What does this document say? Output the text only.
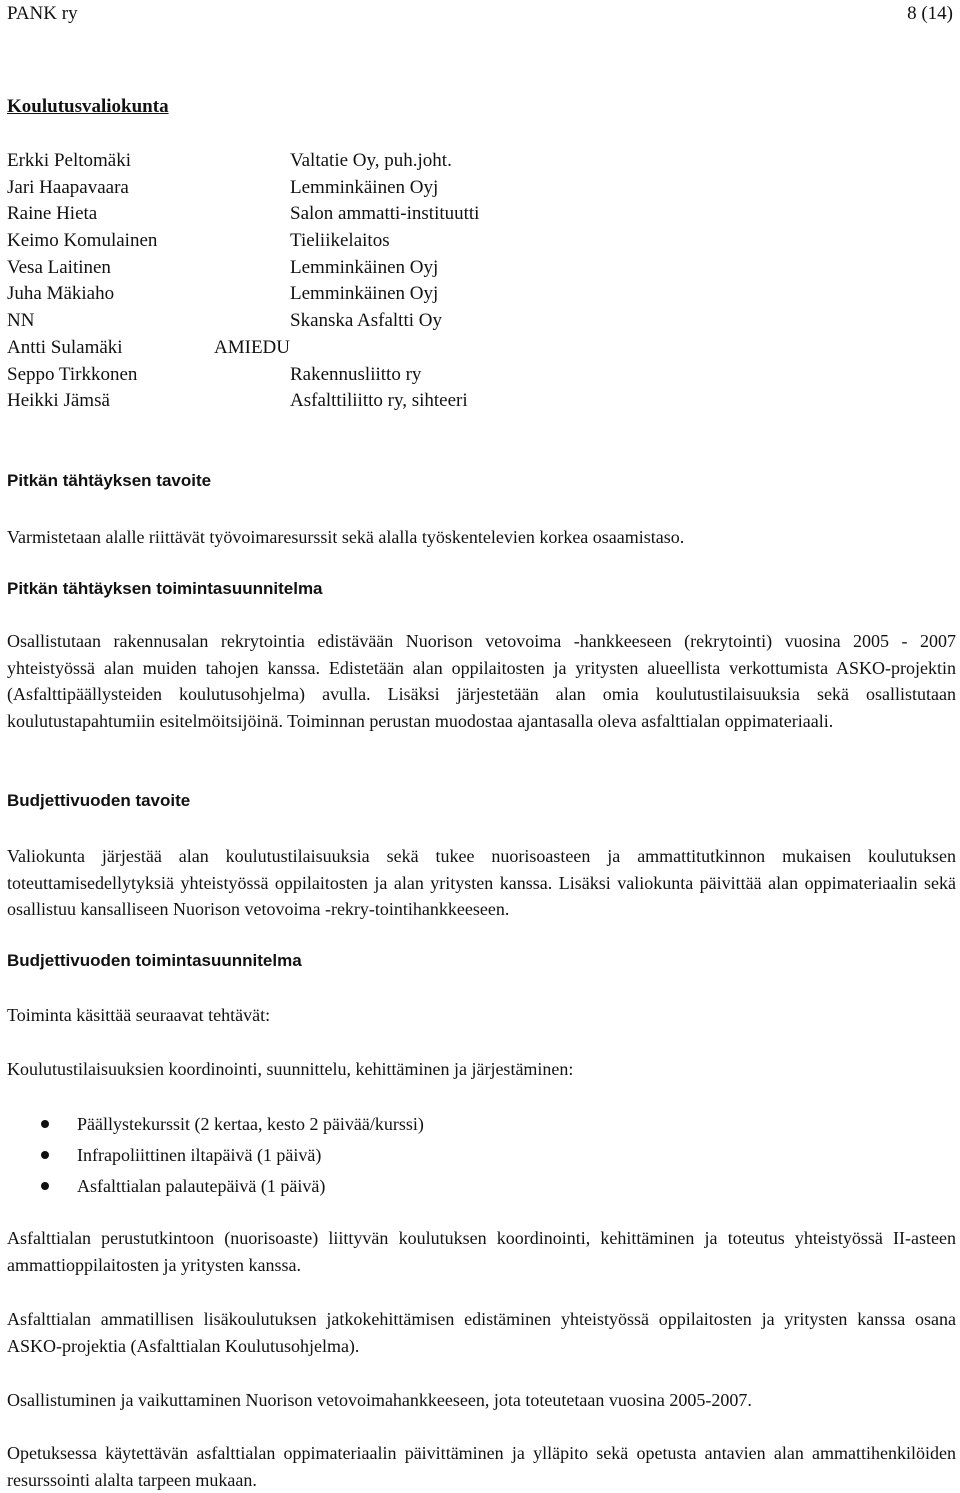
PANK ry	8 (14)
Koulutusvaliokunta
Erkki Peltomäki	Valtatie Oy, puh.joht.
Jari Haapavaara	Lemminkäinen Oyj
Raine Hieta	Salon ammatti-instituutti
Keimo Komulainen	Tieliikelaitos
Vesa Laitinen	Lemminkäinen Oyj
Juha Mäkiaho	Lemminkäinen Oyj
NN	Skanska Asfaltti Oy
Antti Sulamäki	AMIEDU
Seppo Tirkkonen	Rakennusliitto ry
Heikki Jämsä	Asfalttiliitto ry, sihteeri
Pitkän tähtäyksen tavoite
Varmistetaan alalle riittävät työvoimaresurssit sekä alalla työskentelevien korkea osaamistaso.
Pitkän tähtäyksen toimintasuunnitelma
Osallistutaan rakennusalan rekrytointia edistävään Nuorison vetovoima -hankkeeseen (rekrytointi) vuosina 2005 - 2007 yhteistyössä alan muiden tahojen kanssa. Edistetään alan oppilaitosten ja yritysten alueellista verkottumista ASKO-projektin (Asfalttipäällysteiden koulutusohjelma) avulla. Lisäksi järjestetään alan omia koulutustilaisuuksia sekä osallistutaan koulutustapahtumiin esitelmöitsijöinä. Toiminnan perustan muodostaa ajantasalla oleva asfalttialan oppimateriaali.
Budjettivuoden tavoite
Valiokunta järjestää alan koulutustilaisuuksia sekä tukee nuorisoasteen ja ammattitutkinnon mukaisen koulutuksen toteuttamisedellytyksiä yhteistyössä oppilaitosten ja alan yritysten kanssa. Lisäksi valiokunta päivittää alan oppimateriaalin sekä osallistuu kansalliseen Nuorison vetovoima -rekry-tointihankkeeseen.
Budjettivuoden toimintasuunnitelma
Toiminta käsittää seuraavat tehtävät:
Koulutustilaisuuksien koordinointi, suunnittelu, kehittäminen ja järjestäminen:
Päällystekurssit (2 kertaa, kesto 2 päivää/kurssi)
Infrapoliittinen iltapäivä (1 päivä)
Asfalttialan palautepäivä (1 päivä)
Asfalttialan perustutkintoon (nuorisoaste) liittyvän koulutuksen koordinointi, kehittäminen ja toteutus yhteistyössä II-asteen ammattioppilaitosten ja yritysten kanssa.
Asfalttialan ammatillisen lisäkoulutuksen jatkokehittämisen edistäminen yhteistyössä oppilaitosten ja yritysten kanssa osana ASKO-projektia (Asfalttialan Koulutusohjelma).
Osallistuminen ja vaikuttaminen Nuorison vetovoimahankkeeseen, jota toteutetaan vuosina 2005-2007.
Opetuksessa käytettävän asfalttialan oppimateriaalin päivittäminen ja ylläpito sekä opetusta antavien alan ammattihenkilöiden resurssointi alalta tarpeen mukaan.
